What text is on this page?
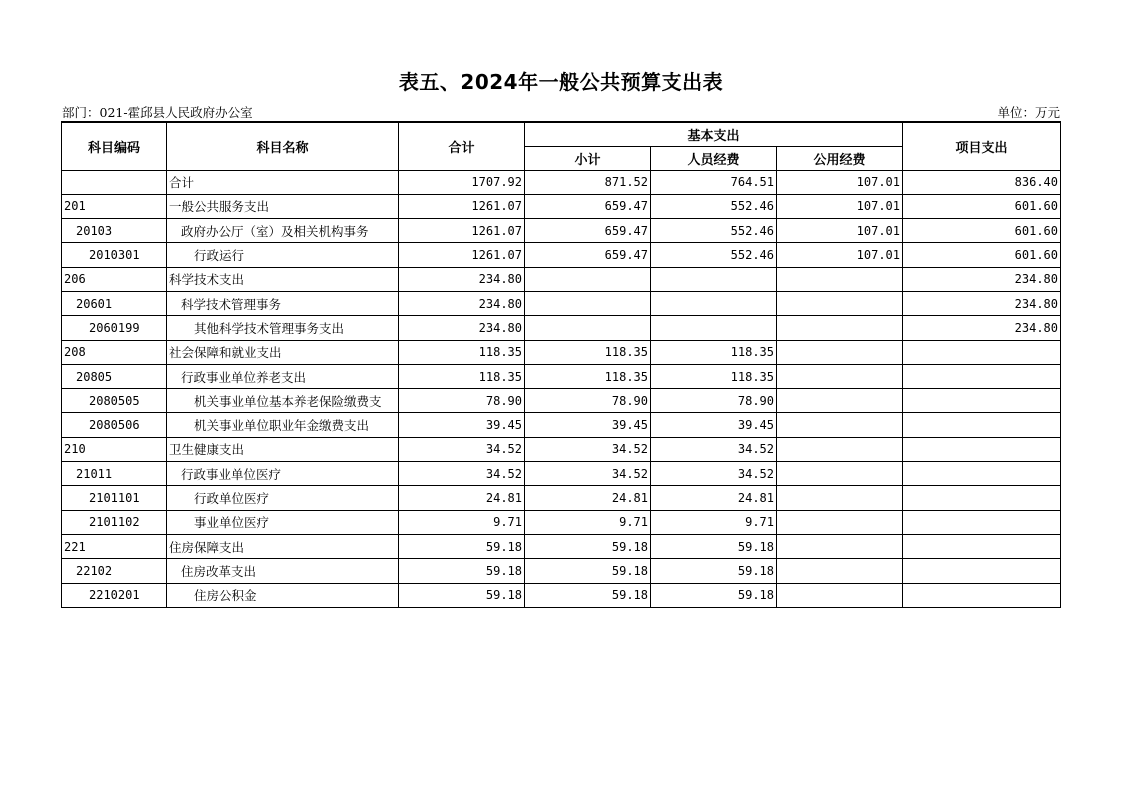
表五、2024年一般公共预算支出表
部门：021-霍邱县人民政府办公室	单位：万元
科目编码	科目名称	合计	基本支出			项目支出
			小计	人员经费	公用经费	
	合计	1707.92	871.52	764.51	107.01	836.40
201	一般公共服务支出	1261.07	659.47	552.46	107.01	601.60
20103	政府办公厅（室）及相关机构事务	1261.07	659.47	552.46	107.01	601.60
2010301	行政运行	1261.07	659.47	552.46	107.01	601.60
206	科学技术支出	234.80				234.80
20601	科学技术管理事务	234.80				234.80
2060199	其他科学技术管理事务支出	234.80				234.80
208	社会保障和就业支出	118.35	118.35	118.35		
20805	行政事业单位养老支出	118.35	118.35	118.35		
2080505	机关事业单位基本养老保险缴费支	78.90	78.90	78.90		
2080506	机关事业单位职业年金缴费支出	39.45	39.45	39.45		
210	卫生健康支出	34.52	34.52	34.52		
21011	行政事业单位医疗	34.52	34.52	34.52		
2101101	行政单位医疗	24.81	24.81	24.81		
2101102	事业单位医疗	9.71	9.71	9.71		
221	住房保障支出	59.18	59.18	59.18		
22102	住房改革支出	59.18	59.18	59.18		
2210201	住房公积金	59.18	59.18	59.18		
